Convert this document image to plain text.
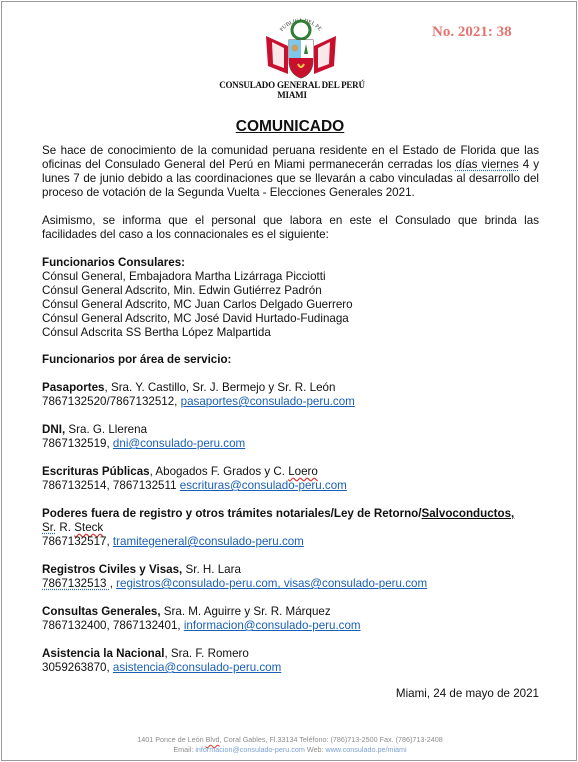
PUBLICA DEL PE
CONSULADO GENERAL DEL PERÚ
MIAMI
No. 2021: 38
COMUNICADO

Se hace de conocimiento de la comunidad peruana residente en el Estado de Florida que las oficinas del Consulado General del Perú en Miami permanecerán cerradas los días viernes 4 y lunes 7 de junio debido a las coordinaciones que se llevarán a cabo vinculadas al desarrollo del proceso de votación de la Segunda Vuelta - Elecciones Generales 2021.

Asimismo, se informa que el personal que labora en este el Consulado que brinda las facilidades del caso a los connacionales es el siguiente:

Funcionarios Consulares:
Cónsul General, Embajadora Martha Lizárraga Picciotti
Cónsul General Adscrito, Min. Edwin Gutiérrez Padrón
Cónsul General Adscrito, MC Juan Carlos Delgado Guerrero
Cónsul General Adscrito, MC José David Hurtado-Fudinaga
Cónsul Adscrita SS Bertha López Malpartida
Funcionarios por área de servicio:
Pasaportes, Sra. Y. Castillo, Sr. J. Bermejo y Sr. R. León
7867132520/7867132512, pasaportes@consulado-peru.com
DNI, Sra. G. Llerena
7867132519, dni@consulado-peru.com
Escrituras Públicas, Abogados F. Grados y C. Loero
7867132514, 7867132511 escrituras@consulado-peru.com
Poderes fuera de registro y otros trámites notariales/Ley de Retorno/Salvoconductos,
Sr. R. Steck
7867132517, tramitegeneral@consulado-peru.com
Registros Civiles y Visas, Sr. H. Lara
7867132513 , registros@consulado-peru.com, visas@consulado-peru.com
Consultas Generales, Sra. M. Aguirre y Sr. R. Márquez
7867132400, 7867132401, informacion@consulado-peru.com
Asistencia la Nacional, Sra. F. Romero
3059263870, asistencia@consulado-peru.com
Miami, 24 de mayo de 2021
1401 Ponce de León Blvd, Coral Gables, Fl.33134 Teléfono: (786)713-2500 Fax. (786)713-2408
Email: informacion@consulado-peru.com Web: www.consulado.pe/miami
